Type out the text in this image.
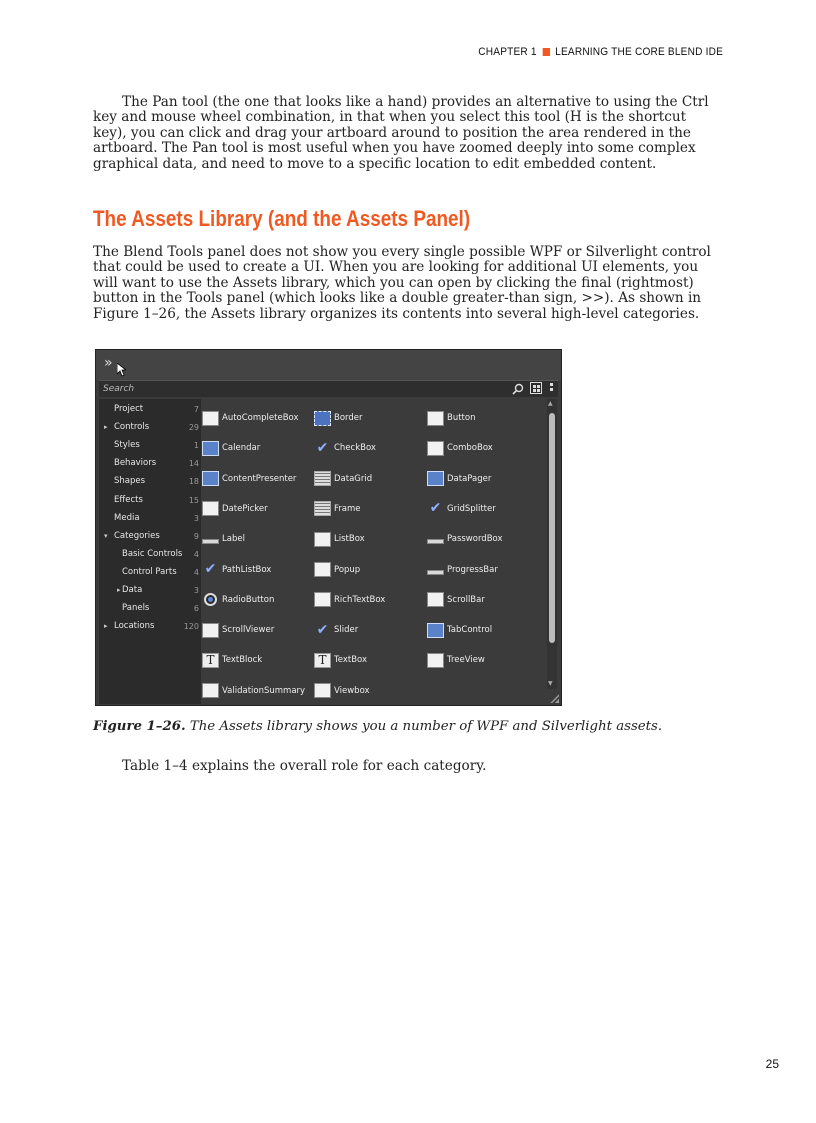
CHAPTER 1 LEARNING THE CORE BLEND IDE

The Pan tool (the one that looks like a hand) provides an alternative to using the Ctrl key and mouse wheel combination, in that when you select this tool (H is the shortcut key), you can click and drag your artboard around to position the area rendered in the artboard. The Pan tool is most useful when you have zoomed deeply into some complex graphical data, and need to move to a specific location to edit embedded content.

The Assets Library (and the Assets Panel)

The Blend Tools panel does not show you every single possible WPF or Silverlight control that could be used to create a UI. When you are looking for additional UI elements, you will want to use the Assets library, which you can open by clicking the final (rightmost) button in the Tools panel (which looks like a double greater-than sign, >>). As shown in Figure 1–26, the Assets library organizes its contents into several high-level categories.

»
Search
Project	7
▸ Controls	29
Styles	1
Behaviors	14
Shapes	18
Effects	15
Media	3
▾ Categories	9
Basic Controls 4
Control Parts 4
▸ Data	3
Panels	6
▸ Locations	120
AutoCompleteBox	Border	Button
Calendar	✔ CheckBox	ComboBox
ContentPresenter	DataGrid	DataPager
DatePicker	Frame	✔ GridSplitter
Label	ListBox	PasswordBox
✔ PathListBox	Popup	ProgressBar
RadioButton	RichTextBox	ScrollBar
ScrollViewer	✔ Slider	TabControl
T TextBlock	T TextBox	TreeView
ValidationSummary	Viewbox
▲
▼
Figure 1–26. The Assets library shows you a number of WPF and Silverlight assets.

Table 1–4 explains the overall role for each category.

25
